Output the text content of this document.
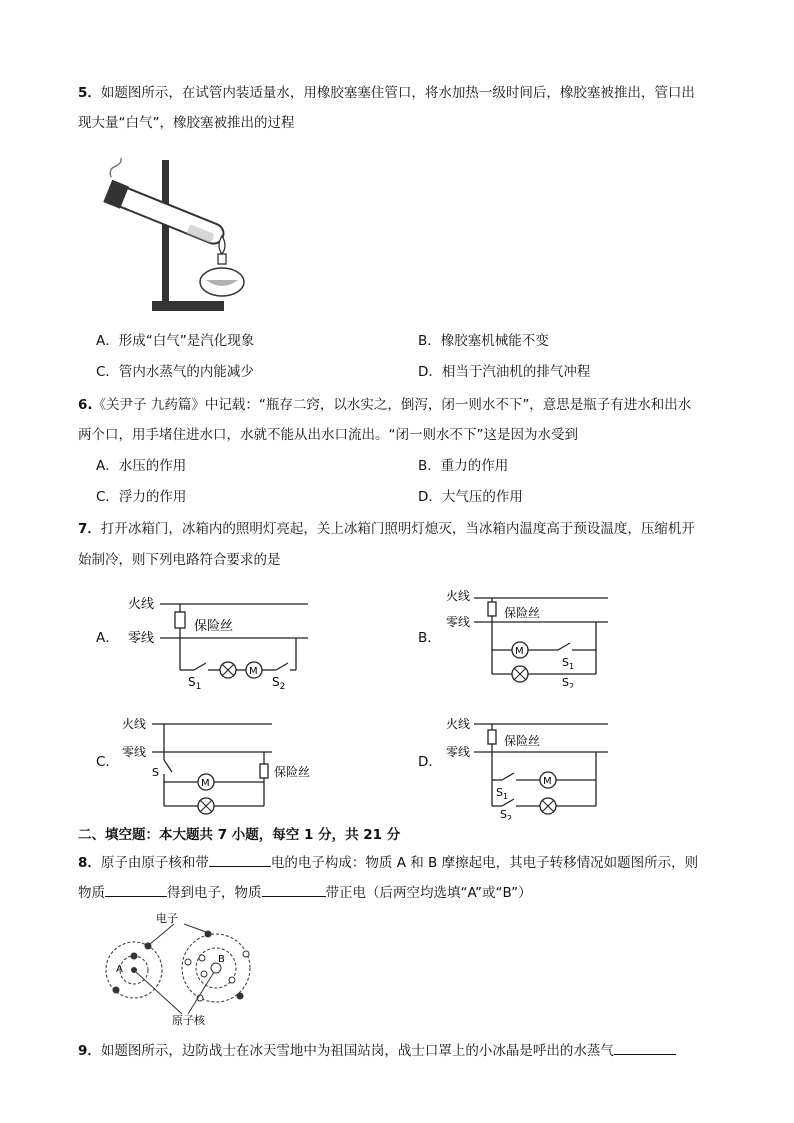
5．如题图所示，在试管内装适量水，用橡胶塞塞住管口，将水加热一级时间后，橡胶塞被推出，管口出
现大量“白气”，橡胶塞被推出的过程
A．形成“白气”是汽化现象	B．橡胶塞机械能不变
C．管内水蒸气的内能减少	D．相当于汽油机的排气冲程
6.《关尹子 九药篇》中记载：“瓶存二窍，以水实之，倒泻，闭一则水不下”，意思是瓶子有进水和出水
两个口，用手堵住进水口，水就不能从出水口流出。“闭一则水不下”这是因为水受到
A．水压的作用	B．重力的作用
C．浮力的作用	D．大气压的作用
7．打开冰箱门，冰箱内的照明灯亮起，关上冰箱门照明灯熄灭，当冰箱内温度高于预设温度，压缩机开
始制冷，则下列电路符合要求的是
A．
火线
零线
保险丝
$S_1$
M
$S_2$
B．
火线
零线
保险丝
M
$S_1$
$S_2$
C．
火线
零线
S
M
保险丝
D．
火线
零线
保险丝
$S_1$
M
$S_2$
二、填空题：本大题共 7 小题，每空 1 分，共 21 分
8．原子由原子核和带	电的电子构成：物质 A 和 B 摩擦起电，其电子转移情况如题图所示，则
物质	得到电子，物质	带正电（后两空均选填“A”或“B”）
电子
原子核
A
B
9．如题图所示，边防战士在冰天雪地中为祖国站岗，战士口罩上的小冰晶是呼出的水蒸气
